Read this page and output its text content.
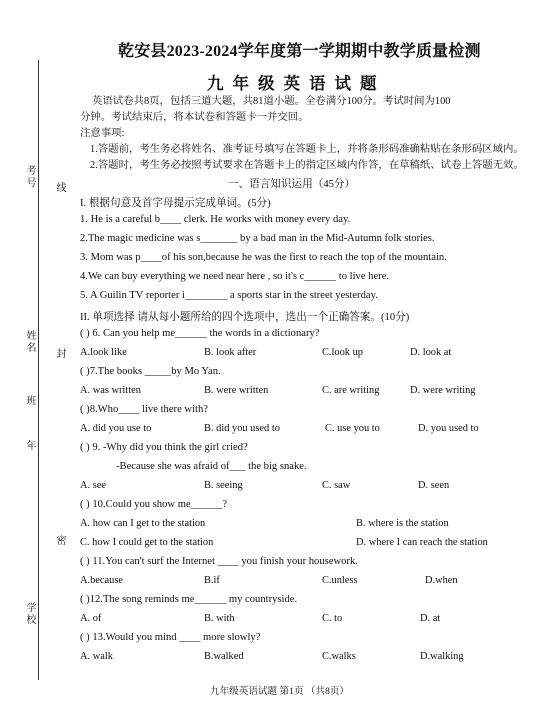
考号 线
姓名 封
班
年
密
学校
乾安县2023-2024学年度第一学期期中教学质量检测
九年级英语试题
英语试卷共8页，包括三道大题，共81道小题。全卷满分100分。考试时间为100
分钟。考试结束后，将本试卷和答题卡一并交回。
注意事项:
1.答题前，考生务必将姓名、准考证号填写在答题卡上，并将条形码准确粘贴在条形码区域内。
2.答题时，考生务必按照考试要求在答题卡上的指定区域内作答，在草稿纸、试卷上答题无效。
一、语言知识运用（45分）
I. 根据句意及首字母提示完成单词。(5分)
1. He is a careful b____ clerk. He works with money every day.
2.The magic medicine was s_______ by a bad man in the Mid-Autumn folk stories.
3. Mom was p____of his son,because he was the first to reach the top of the mountain.
4.We can buy everything we need near here , so it's c______ to live here.
5. A Guilin TV reporter i________ a sports star in the street yesterday.
II. 单项选择 请从每小题所给的四个选项中，选出一个正确答案。(10分)
( ) 6. Can you help me______ the words in a dictionary?
A.look like	B. look after	C.look up	D. look at
( )7.The books _____by Mo Yan.
A. was written	B. were written	C. are writing	D. were writing
( )8.Who____ live there with?
A. did you use to	B. did you used to	C. use you to	D. you used to
( ) 9. -Why did you think the girl cried?
-Because she was afraid of___ the big snake.
A. see	B. seeing	C. saw	D. seen
( ) 10.Could you show me______?
A. how can I get to the station	B. where is the station
C. how I could get to the station	D. where I can reach the station
( ) 11.You can't surf the Internet ____ you finish your housework.
A.because	B.if	C.unless	D.when
( )12.The song reminds me______ my countryside.
A. of	B. with	C. to	D. at
( ) 13.Would you mind ____ more slowly?
A. walk	B.walked	C.walks	D.walking
九年级英语试题 第1页 （共8页）
